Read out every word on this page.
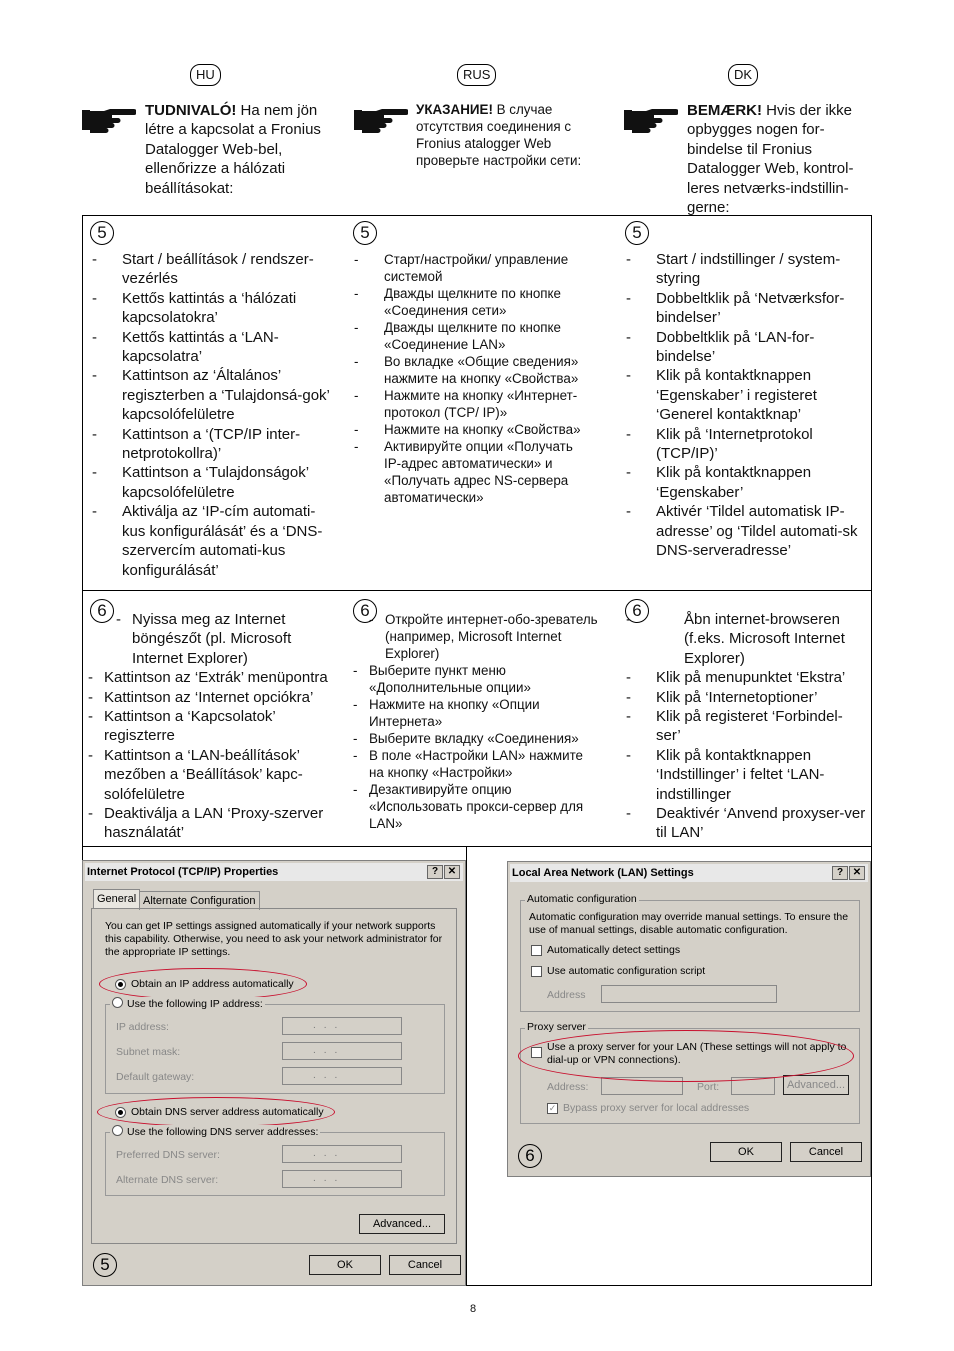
HU	RUS	DK
TUDNIVALÓ! Ha nem jön létre a kapcsolat a Fronius Datalogger Web-bel, ellenőrizze a hálózati beállításokat:
УКАЗАНИЕ! В случае отсутствия соединения с Fronius atalogger Web проверьте настройки сети:
BEMÆRK! Hvis der ikke opbygges nogen for-bindelse til Fronius Datalogger Web, kontrol-leres netværks-indstillin-gerne:
5	5	5
- Start / beállítások / rendszer-vezérlés
- Kettős kattintás a ‘hálózati kapcsolatokra’
- Kettős kattintás a ‘LAN-kapcsolatra’
- Kattintson az ‘Általános’ regiszterben a ‘Tulajdonsá-gok’ kapcsolófelületre
- Kattintson a ‘(TCP/IP inter-netprotokollra)’
- Kattintson a ‘Tulajdonságok’ kapcsolófelületre
- Aktiválja az ‘IP-cím automati-kus konfigurálását’ és a ‘DNS-szervercím automati-kus konfigurálását’
- Старт/настройки/ управление системой
- Дважды щелкните по кнопке «Соединения сети»
- Дважды щелкните по кнопке «Соединение LAN»
- Во вкладке «Общие сведения» нажмите на кнопку «Свойства»
- Нажмите на кнопку «Интернет-протокол (TCP/ IP)»
- Нажмите на кнопку «Свойства»
- Активируйте опции «Получать IP-адрес автоматически» и «Получать адрес NS-сервера автоматически»
- Start / indstillinger / system-styring
- Dobbeltklik på ‘Netværksfor-bindelser’
- Dobbeltklik på ‘LAN-for-bindelse’
- Klik på kontaktknappen ‘Egenskaber’ i registeret ‘Generel kontaktknap’
- Klik på ‘Internetprotokol (TCP/IP)’
- Klik på kontaktknappen ‘Egenskaber’
- Aktivér ‘Tildel automatisk IP-adresse’ og ‘Tildel automati-sk DNS-serveradresse’
6	6	6
- Nyissa meg az Internet böngészőt (pl. Microsoft Internet Explorer)
- Kattintson az ‘Extrák’ menüpontra
- Kattintson az ‘Internet opciókra’
- Kattintson a ‘Kapcsolatok’ regiszterre
- Kattintson a ‘LAN-beállítások’ mezőben a ‘Beállítások’ kapc-solófelületre
- Deaktiválja a LAN ‘Proxy-szerver használatát’
- Откройте интернет-обо-зреватель (например, Microsoft Internet Explorer)
- Выберите пункт меню «Дополнительные опции»
- Нажмите на кнопку «Опции Интернета»
- Выберите вкладку «Соединения»
- В поле «Настройки LAN» нажмите на кнопку «Настройки»
- Дезактивируйте опцию «Использовать прокси-сервер для LAN»
- Åbn internet-browseren (f.eks. Microsoft Internet Explorer)
- Klik på menupunktet ‘Ekstra’
- Klik på ‘Internetoptioner’
- Klik på registeret ‘Forbindel-ser’
- Klik på kontaktknappen ‘Indstillinger’ i feltet ‘LAN-indstillinger
- Deaktivér ‘Anvend proxyser-ver til LAN’
Internet Protocol (TCP/IP) Properties	? ✕
General Alternate Configuration
You can get IP settings assigned automatically if your network supports
this capability. Otherwise, you need to ask your network administrator for
the appropriate IP settings.
Obtain an IP address automatically
Use the following IP address:
IP address:	...
Subnet mask:	...
Default gateway:	...
Obtain DNS server address automatically
Use the following DNS server addresses:
Preferred DNS server:	...
Alternate DNS server:	...
Advanced...
OK	Cancel
5
Local Area Network (LAN) Settings	? ✕
Automatic configuration
Automatic configuration may override manual settings. To ensure the
use of manual settings, disable automatic configuration.
Automatically detect settings
Use automatic configuration script
Address
Proxy server
Use a proxy server for your LAN (These settings will not apply to
dial-up or VPN connections).
Address:	Port:	Advanced...
✓ Bypass proxy server for local addresses
OK	Cancel
6
8
